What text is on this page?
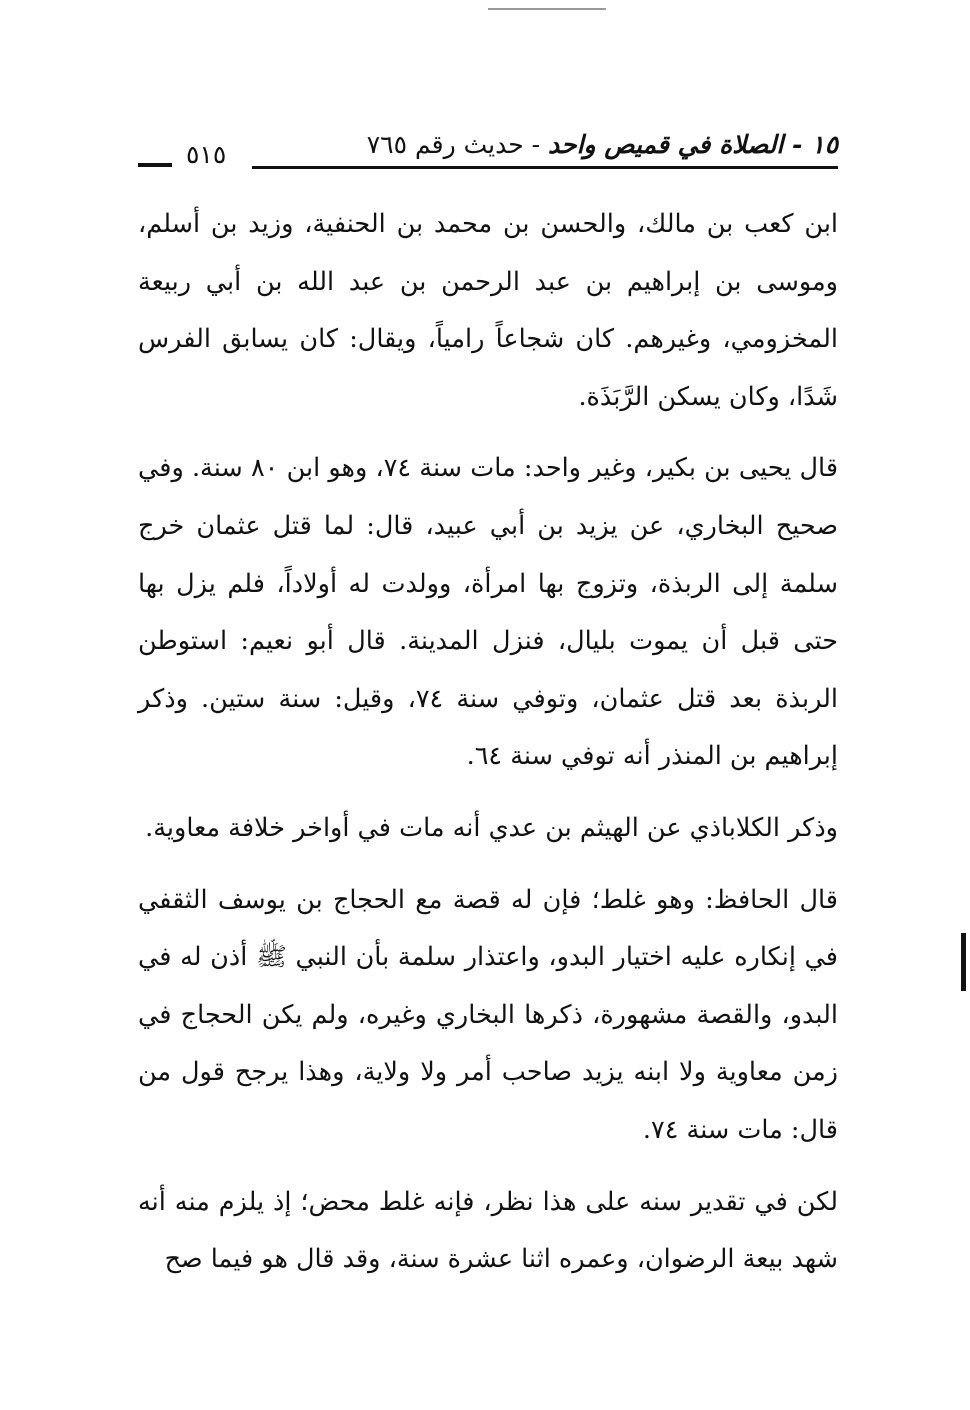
١٥ - الصلاة في قميص واحد - حديث رقم ٧٦٥
٥١٥

ابن كعب بن مالك، والحسن بن محمد بن الحنفية، وزيد بن أسلم، وموسى بن إبراهيم بن عبد الرحمن بن عبد الله بن أبي ربيعة المخزومي، وغيرهم. كان شجاعاً رامياً، ويقال: كان يسابق الفرس شَدًا، وكان يسكن الرَّبَذَة.

قال يحيى بن بكير، وغير واحد: مات سنة ٧٤، وهو ابن ٨٠ سنة. وفي صحيح البخاري، عن يزيد بن أبي عبيد، قال: لما قتل عثمان خرج سلمة إلى الربذة، وتزوج بها امرأة، وولدت له أولاداً، فلم يزل بها حتى قبل أن يموت بليال، فنزل المدينة. قال أبو نعيم: استوطن الربذة بعد قتل عثمان، وتوفي سنة ٧٤، وقيل: سنة ستين. وذكر إبراهيم بن المنذر أنه توفي سنة ٦٤.

وذكر الكلاباذي عن الهيثم بن عدي أنه مات في أواخر خلافة معاوية.

قال الحافظ: وهو غلط؛ فإن له قصة مع الحجاج بن يوسف الثقفي في إنكاره عليه اختيار البدو، واعتذار سلمة بأن النبي ﷺ أذن له في البدو، والقصة مشهورة، ذكرها البخاري وغيره، ولم يكن الحجاج في زمن معاوية ولا ابنه يزيد صاحب أمر ولا ولاية، وهذا يرجح قول من قال: مات سنة ٧٤.

لكن في تقدير سنه على هذا نظر، فإنه غلط محض؛ إذ يلزم منه أنه شهد بيعة الرضوان، وعمره اثنا عشرة سنة، وقد قال هو فيما صح
